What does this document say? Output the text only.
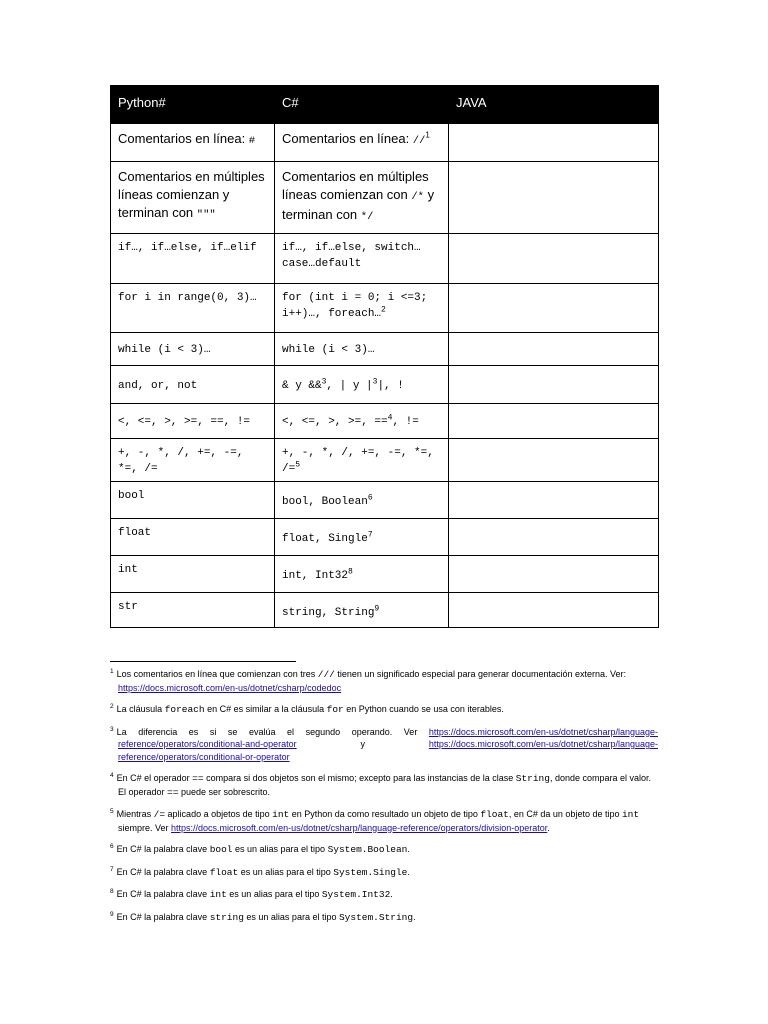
Python#	C#	JAVA
Comentarios en línea: #	Comentarios en línea: //$^1$	
Comentarios en múltiples líneas comienzan y terminan con """	Comentarios en múltiples líneas comienzan con /* y terminan con */	
if…, if…else, if…elif	if…, if…else, switch…case…default	
for i in range(0, 3)…	for (int i = 0; i <=3; i++)…, foreach…$^2$	
while (i < 3)…	while (i < 3)…	
and, or, not	& y &&$^3$, | y $|^3|$, !	
<, <=, >, >=, ==, !=	<, <=, >, >=, ==$^4$, !=	
+, -, *, /, +=, -=, *=, /=	+, -, *, /, +=, -=, *=, /=$^5$	
bool	bool, Boolean$^6$	
float	float, Single$^7$	
int	int, $Int32^8$	
str	string, String$^9$	

$^1$ Los comentarios en línea que comienzan con tres /// tienen un significado especial para generar documentación externa. Ver: https://docs.microsoft.com/en-us/dotnet/csharp/codedoc

$^2$ La cláusula foreach en C# es similar a la cláusula for en Python cuando se usa con iterables.

$^3$ La diferencia es si se evalúa el segundo operando. Ver https://docs.microsoft.com/en-us/dotnet/csharp/language-reference/operators/conditional-and-operator y https://docs.microsoft.com/en-us/dotnet/csharp/language-reference/operators/conditional-or-operator

$^4$ En C# el operador == compara si dos objetos son el mismo; excepto para las instancias de la clase String, donde compara el valor. El operador == puede ser sobrescrito.

$^5$ Mientras /= aplicado a objetos de tipo int en Python da como resultado un objeto de tipo float, en C# da un objeto de tipo int siempre. Ver https://docs.microsoft.com/en-us/dotnet/csharp/language-reference/operators/division-operator.

$^6$ En C# la palabra clave bool es un alias para el tipo System.Boolean.

$^7$ En C# la palabra clave float es un alias para el tipo System.Single.

$^8$ En C# la palabra clave int es un alias para el tipo System.Int32.

$^9$ En C# la palabra clave string es un alias para el tipo System.String.
